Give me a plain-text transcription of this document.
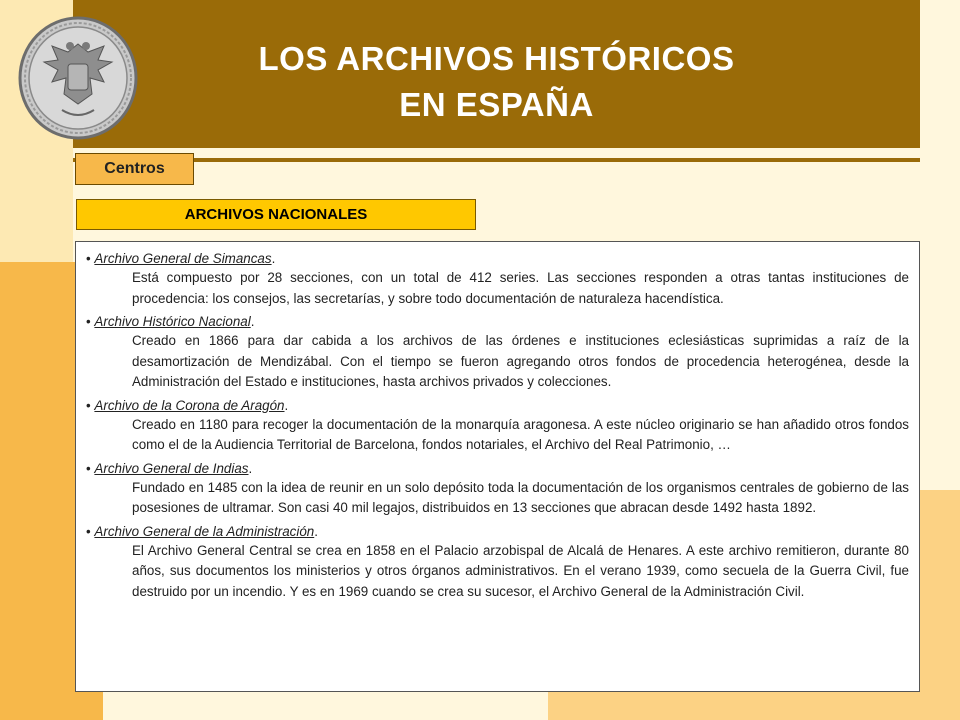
LOS ARCHIVOS HISTÓRICOS
EN ESPAÑA
Centros
ARCHIVOS NACIONALES

• Archivo General de Simancas.

Está compuesto por 28 secciones, con un total de 412 series. Las secciones responden a otras tantas instituciones de procedencia: los consejos, las secretarías, y sobre todo documentación de naturaleza hacendística.

• Archivo Histórico Nacional.

Creado en 1866 para dar cabida a los archivos de las órdenes e instituciones eclesiásticas suprimidas a raíz de la desamortización de Mendizábal. Con el tiempo se fueron agregando otros fondos de procedencia heterogénea, desde la Administración del Estado e instituciones, hasta archivos privados y colecciones.

• Archivo de la Corona de Aragón.

Creado en 1180 para recoger la documentación de la monarquía aragonesa. A este núcleo originario se han añadido otros fondos como el de la Audiencia Territorial de Barcelona, fondos notariales, el Archivo del Real Patrimonio, …

• Archivo General de Indias.

Fundado en 1485 con la idea de reunir en un solo depósito toda la documentación de los organismos centrales de gobierno de las posesiones de ultramar. Son casi 40 mil legajos, distribuidos en 13 secciones que abracan desde 1492 hasta 1892.

• Archivo General de la Administración.

El Archivo General Central se crea en 1858 en el Palacio arzobispal de Alcalá de Henares. A este archivo remitieron, durante 80 años, sus documentos los ministerios y otros órganos administrativos. En el verano 1939, como secuela de la Guerra Civil, fue destruido por un incendio. Y es en 1969 cuando se crea su sucesor, el Archivo General de la Administración Civil.
